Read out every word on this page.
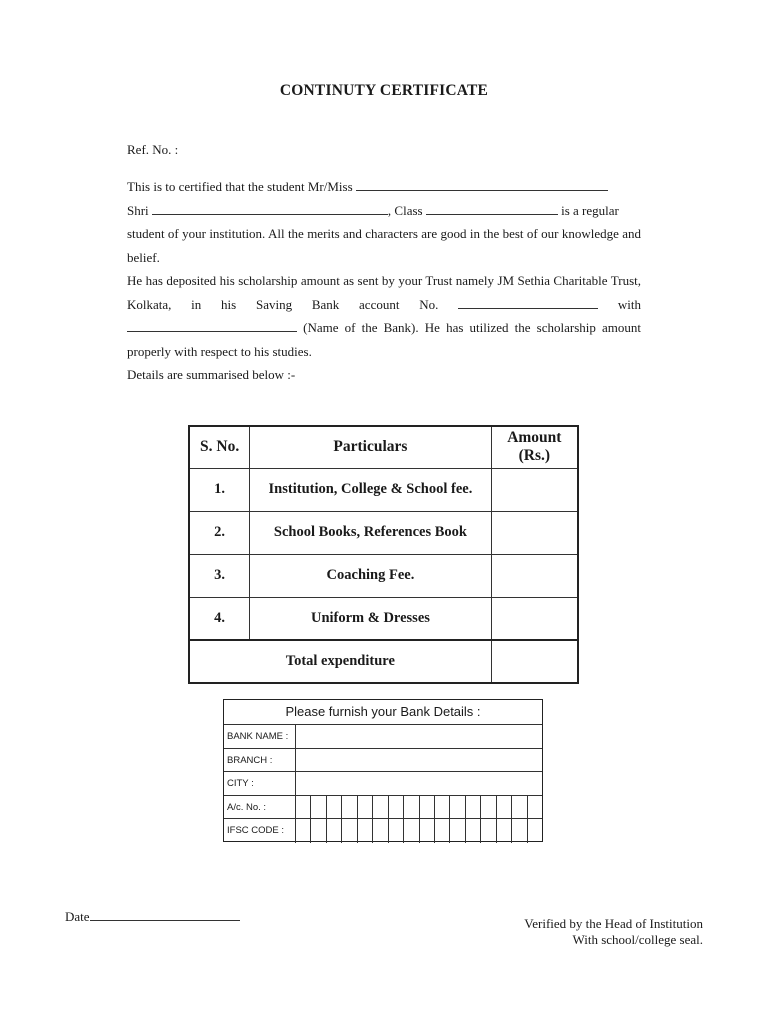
CONTINUTY CERTIFICATE
Ref. No. :

This is to certified that the student Mr/Miss

Shri	, Class	is a regular

student of your institution. All the merits and characters are good in the best of our knowledge and belief.

He has deposited his scholarship amount as sent by your Trust namely JM Sethia Charitable Trust, Kolkata, in his Saving Bank account No.	with  (Name of the Bank). He has utilized the scholarship amount properly with respect to his studies.

Details are summarised below :-

S. No.	Particulars	Amount (Rs.)
1.	Institution, College & School fee.	
2.	School Books, References Book	
3.	Coaching Fee.	
4.	Uniform & Dresses	
Total expenditure		
Please furnish your Bank Details :
BANK NAME :
BRANCH :
CITY :
A/c. No. :
IFSC CODE :
Date	Verified by the Head of Institution
With school/college seal.
